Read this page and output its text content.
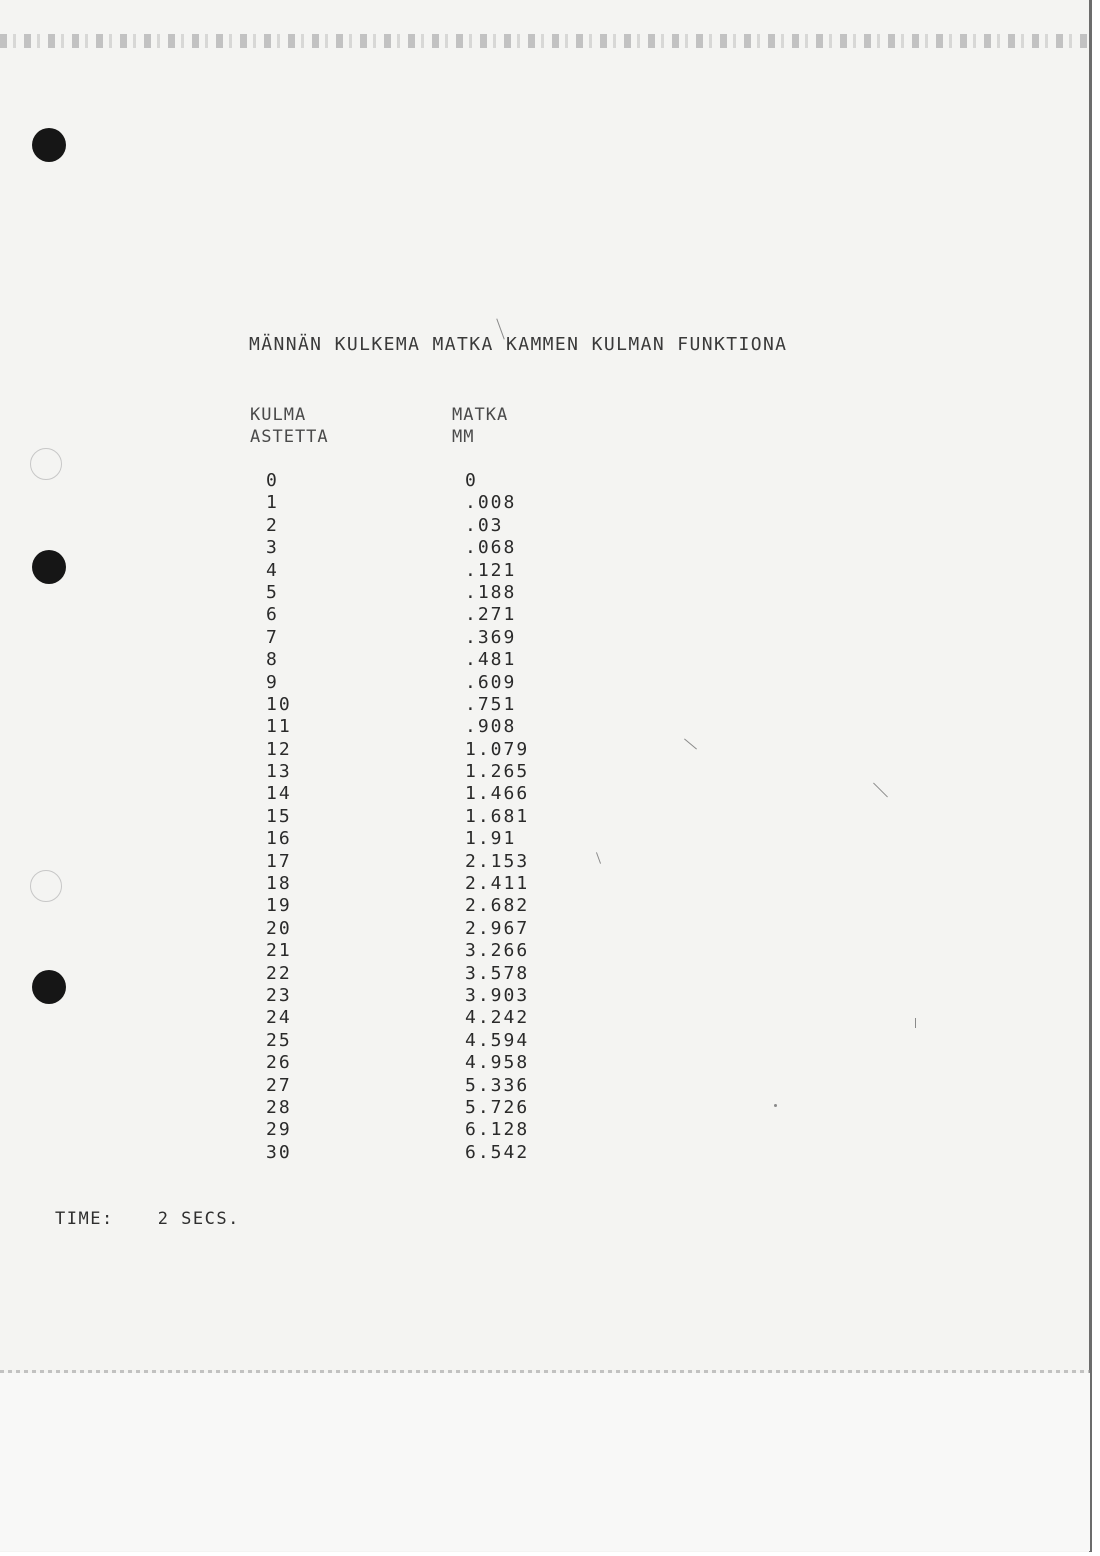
MÄNNÄN KULKEMA MATKA KAMMEN KULMAN FUNKTIONA
KULMA
ASTETTA
MATKA
MM
0
1
2
3
4
5
6
7
8
9
10
11
12
13
14
15
16
17
18
19
20
21
22
23
24
25
26
27
28
29
30
0
.008
.03
.068
.121
.188
.271
.369
.481
.609
.751
.908
1.079
1.265
1.466
1.681
1.91
2.153
2.411
2.682
2.967
3.266
3.578
3.903
4.242
4.594
4.958
5.336
5.726
6.128
6.542
TIME:	2 SECS.
